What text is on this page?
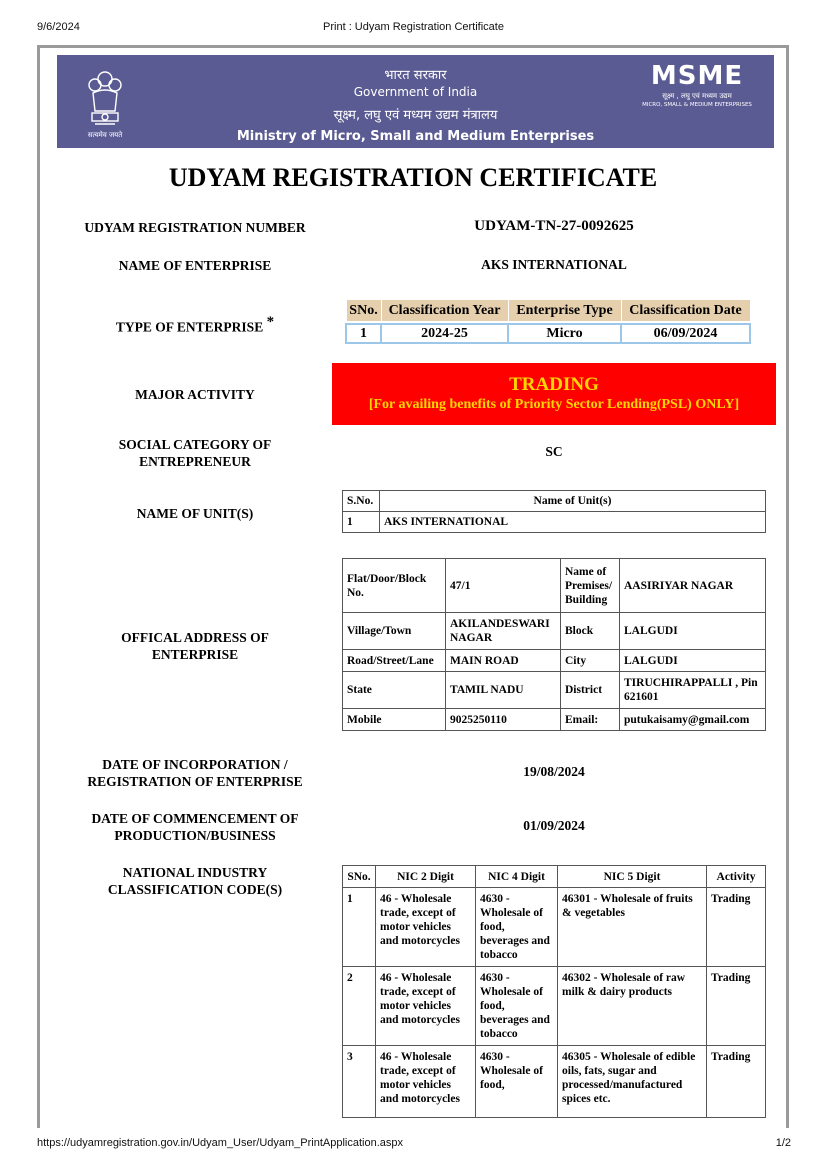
9/6/2024	Print : Udyam Registration Certificate
सत्यमेव जयते
भारत सरकार
Government of India
सूक्ष्म, लघु एवं मध्यम उद्यम मंत्रालय
Ministry of Micro, Small and Medium Enterprises
MSME
सूक्ष्म , लघु एवं मध्यम उद्यम
MICRO, SMALL & MEDIUM ENTERPRISES
UDYAM REGISTRATION CERTIFICATE
UDYAM REGISTRATION NUMBER	UDYAM-TN-27-0092625
NAME OF ENTERPRISE	AKS INTERNATIONAL
TYPE OF ENTERPRISE *
SNo.	Classification Year	Enterprise Type	Classification Date

1	2024-25	Micro	06/09/2024
MAJOR ACTIVITY	TRADING
[For availing benefits of Priority Sector Lending(PSL) ONLY]
SOCIAL CATEGORY OF
ENTREPRENEUR
SC
NAME OF UNIT(S)
S.No.	Name of Unit(s)
1	AKS INTERNATIONAL
OFFICAL ADDRESS OF
ENTERPRISE
Flat/Door/Block No.	47/1	Name of Premises/ Building	AASIRIYAR NAGAR
Village/Town	AKILANDESWARI NAGAR	Block	LALGUDI
Road/Street/Lane	MAIN ROAD	City	LALGUDI
State	TAMIL NADU	District	TIRUCHIRAPPALLI , Pin 621601
Mobile	9025250110	Email:	putukaisamy@gmail.com
DATE OF INCORPORATION /
REGISTRATION OF ENTERPRISE
19/08/2024
DATE OF COMMENCEMENT OF
PRODUCTION/BUSINESS
01/09/2024
NATIONAL INDUSTRY
CLASSIFICATION CODE(S)
SNo.	NIC 2 Digit	NIC 4 Digit	NIC 5 Digit	Activity
1	46 - Wholesale trade, except of motor vehicles and motorcycles	4630 - Wholesale of food, beverages and tobacco	46301 - Wholesale of fruits & vegetables	Trading
2	46 - Wholesale trade, except of motor vehicles and motorcycles	4630 - Wholesale of food, beverages and tobacco	46302 - Wholesale of raw milk & dairy products	Trading
3	46 - Wholesale trade, except of motor vehicles and motorcycles	4630 - Wholesale of food,	46305 - Wholesale of edible oils, fats, sugar and processed/manufactured spices etc.	Trading
https://udyamregistration.gov.in/Udyam_User/Udyam_PrintApplication.aspx	1/2
